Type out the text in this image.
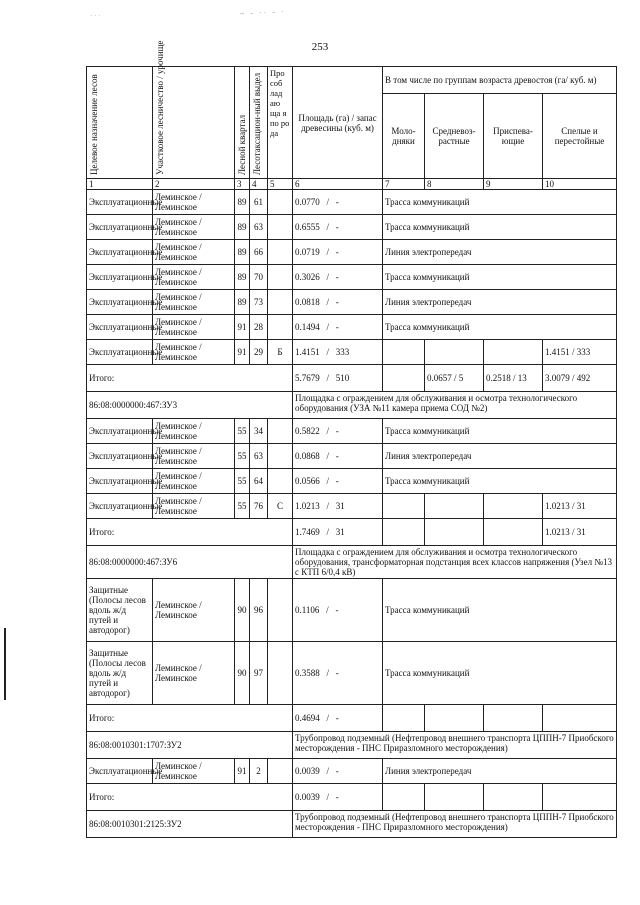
· · ·	~ - ·· - ·
253
Целевое назначение лесов	Участковое лесничество / урочище	Лесной квартал	Лесотаксацион-ный выдел	Про соб лад аю ща я по ро да	Площадь (га) / запас древесины (куб. м)	В том числе по группам возраста древостоя (га/ куб. м)			
						Моло-дняки	Средневоз-растные	Приспева-ющие	Спелые и перестойные
1	2	3	4	5	6	7	8	9	10
Эксплуатационные	Леминское / Леминское	89	61		0.0770   /   -	Трасса коммуникаций			
Эксплуатационные	Леминское / Леминское	89	63		0.6555   /   -	Трасса коммуникаций			
Эксплуатационные	Леминское / Леминское	89	66		0.0719   /   -	Линия электропередач			
Эксплуатационные	Леминское / Леминское	89	70		0.3026   /   -	Трасса коммуникаций			
Эксплуатационные	Леминское / Леминское	89	73		0.0818   /   -	Линия электропередач			
Эксплуатационные	Леминское / Леминское	91	28		0.1494   /   -	Трасса коммуникаций			
Эксплуатационные	Леминское / Леминское	91	29	Б	1.4151   /   333				1.4151 / 333
Итого:					5.7679   /   510		0.0657 / 5	0.2518 / 13	3.0079 / 492
86:08:0000000:467:ЗУ3					Площадка с ограждением для обслуживания и осмотра технологического оборудования (УЗА №11 камера приема СОД №2)				
Эксплуатационные	Леминское / Леминское	55	34		0.5822   /   -	Трасса коммуникаций			
Эксплуатационные	Леминское / Леминское	55	63		0.0868   /   -	Линия электропередач			
Эксплуатационные	Леминское / Леминское	55	64		0.0566   /   -	Трасса коммуникаций			
Эксплуатационные	Леминское / Леминское	55	76	С	1.0213   /   31				1.0213 / 31
Итого:					1.7469   /   31				1.0213 / 31
86:08:0000000:467:ЗУ6					Площадка с ограждением для обслуживания и осмотра технологического оборудования, трансформаторная подстанция всех классов напряжения (Узел №13 с КТП 6/0,4 кВ)				
Защитные (Полосы лесов вдоль ж/д путей и автодорог)	Леминское / Леминское	90	96		0.1106   /   -	Трасса коммуникаций			
Защитные (Полосы лесов вдоль ж/д путей и автодорог)	Леминское / Леминское	90	97		0.3588   /   -	Трасса коммуникаций			
Итого:					0.4694   /   -				
86:08:0010301:1707:ЗУ2					Трубопровод подземный (Нефтепровод внешнего транспорта ЦППН-7 Приобского месторождения - ПНС Приразломного месторождения)				
Эксплуатационные	Леминское / Леминское	91	2		0.0039   /   -	Линия электропередач			
Итого:					0.0039   /   -				
86:08:0010301:2125:ЗУ2					Трубопровод подземный (Нефтепровод внешнего транспорта ЦППН-7 Приобского месторождения - ПНС Приразломного месторождения)				
